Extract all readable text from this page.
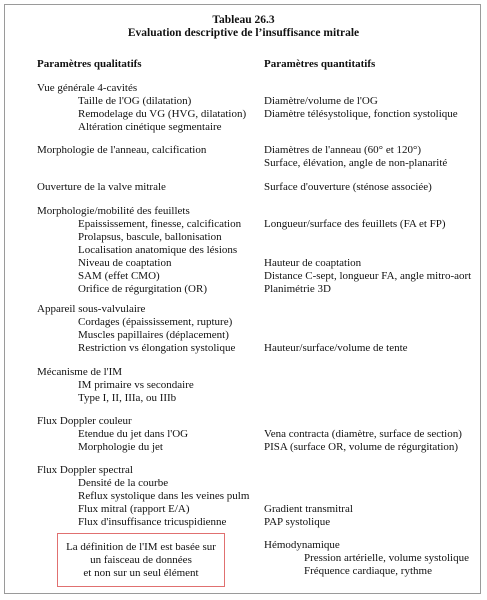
Tableau 26.3
Evaluation descriptive de l’insuffisance mitrale
Paramètres qualitatifs	Paramètres quantitatifs
Vue générale 4-cavités
Taille de l'OG (dilatation)
Remodelage du VG (HVG, dilatation)
Altération cinétique segmentaire
Morphologie de l'anneau, calcification
Ouverture de la valve mitrale
Morphologie/mobilité des feuillets
Epaississement, finesse, calcification
Prolapsus, bascule, ballonisation
Localisation anatomique des lésions
Niveau de coaptation
SAM (effet CMO)
Orifice de régurgitation (OR)
Appareil sous-valvulaire
Cordages (épaississement, rupture)
Muscles papillaires (déplacement)
Restriction vs élongation systolique
Mécanisme de l'IM
IM primaire vs secondaire
Type I, II, IIIa, ou IIIb
Flux Doppler couleur
Etendue du jet dans l'OG
Morphologie du jet
Flux Doppler spectral
Densité de la courbe
Reflux systolique dans les veines pulm
Flux mitral (rapport E/A)
Flux d'insuffisance tricuspidienne
Diamètre/volume de l'OG
Diamètre télésystolique, fonction systolique
Diamètres de l'anneau (60° et 120°)
Surface, élévation, angle de non-planarité
Surface d'ouverture (sténose associée)
Longueur/surface des feuillets (FA et FP)
Hauteur de coaptation
Distance C-sept, longueur FA, angle mitro-aort
Planimétrie 3D
Hauteur/surface/volume de tente
Vena contracta (diamètre, surface de section)
PISA (surface OR, volume de régurgitation)
Gradient transmitral
PAP systolique
Hémodynamique
Pression artérielle, volume systolique
Fréquence cardiaque, rythme
La définition de l'IM est basée sur
un faisceau de données
et non sur un seul élément
